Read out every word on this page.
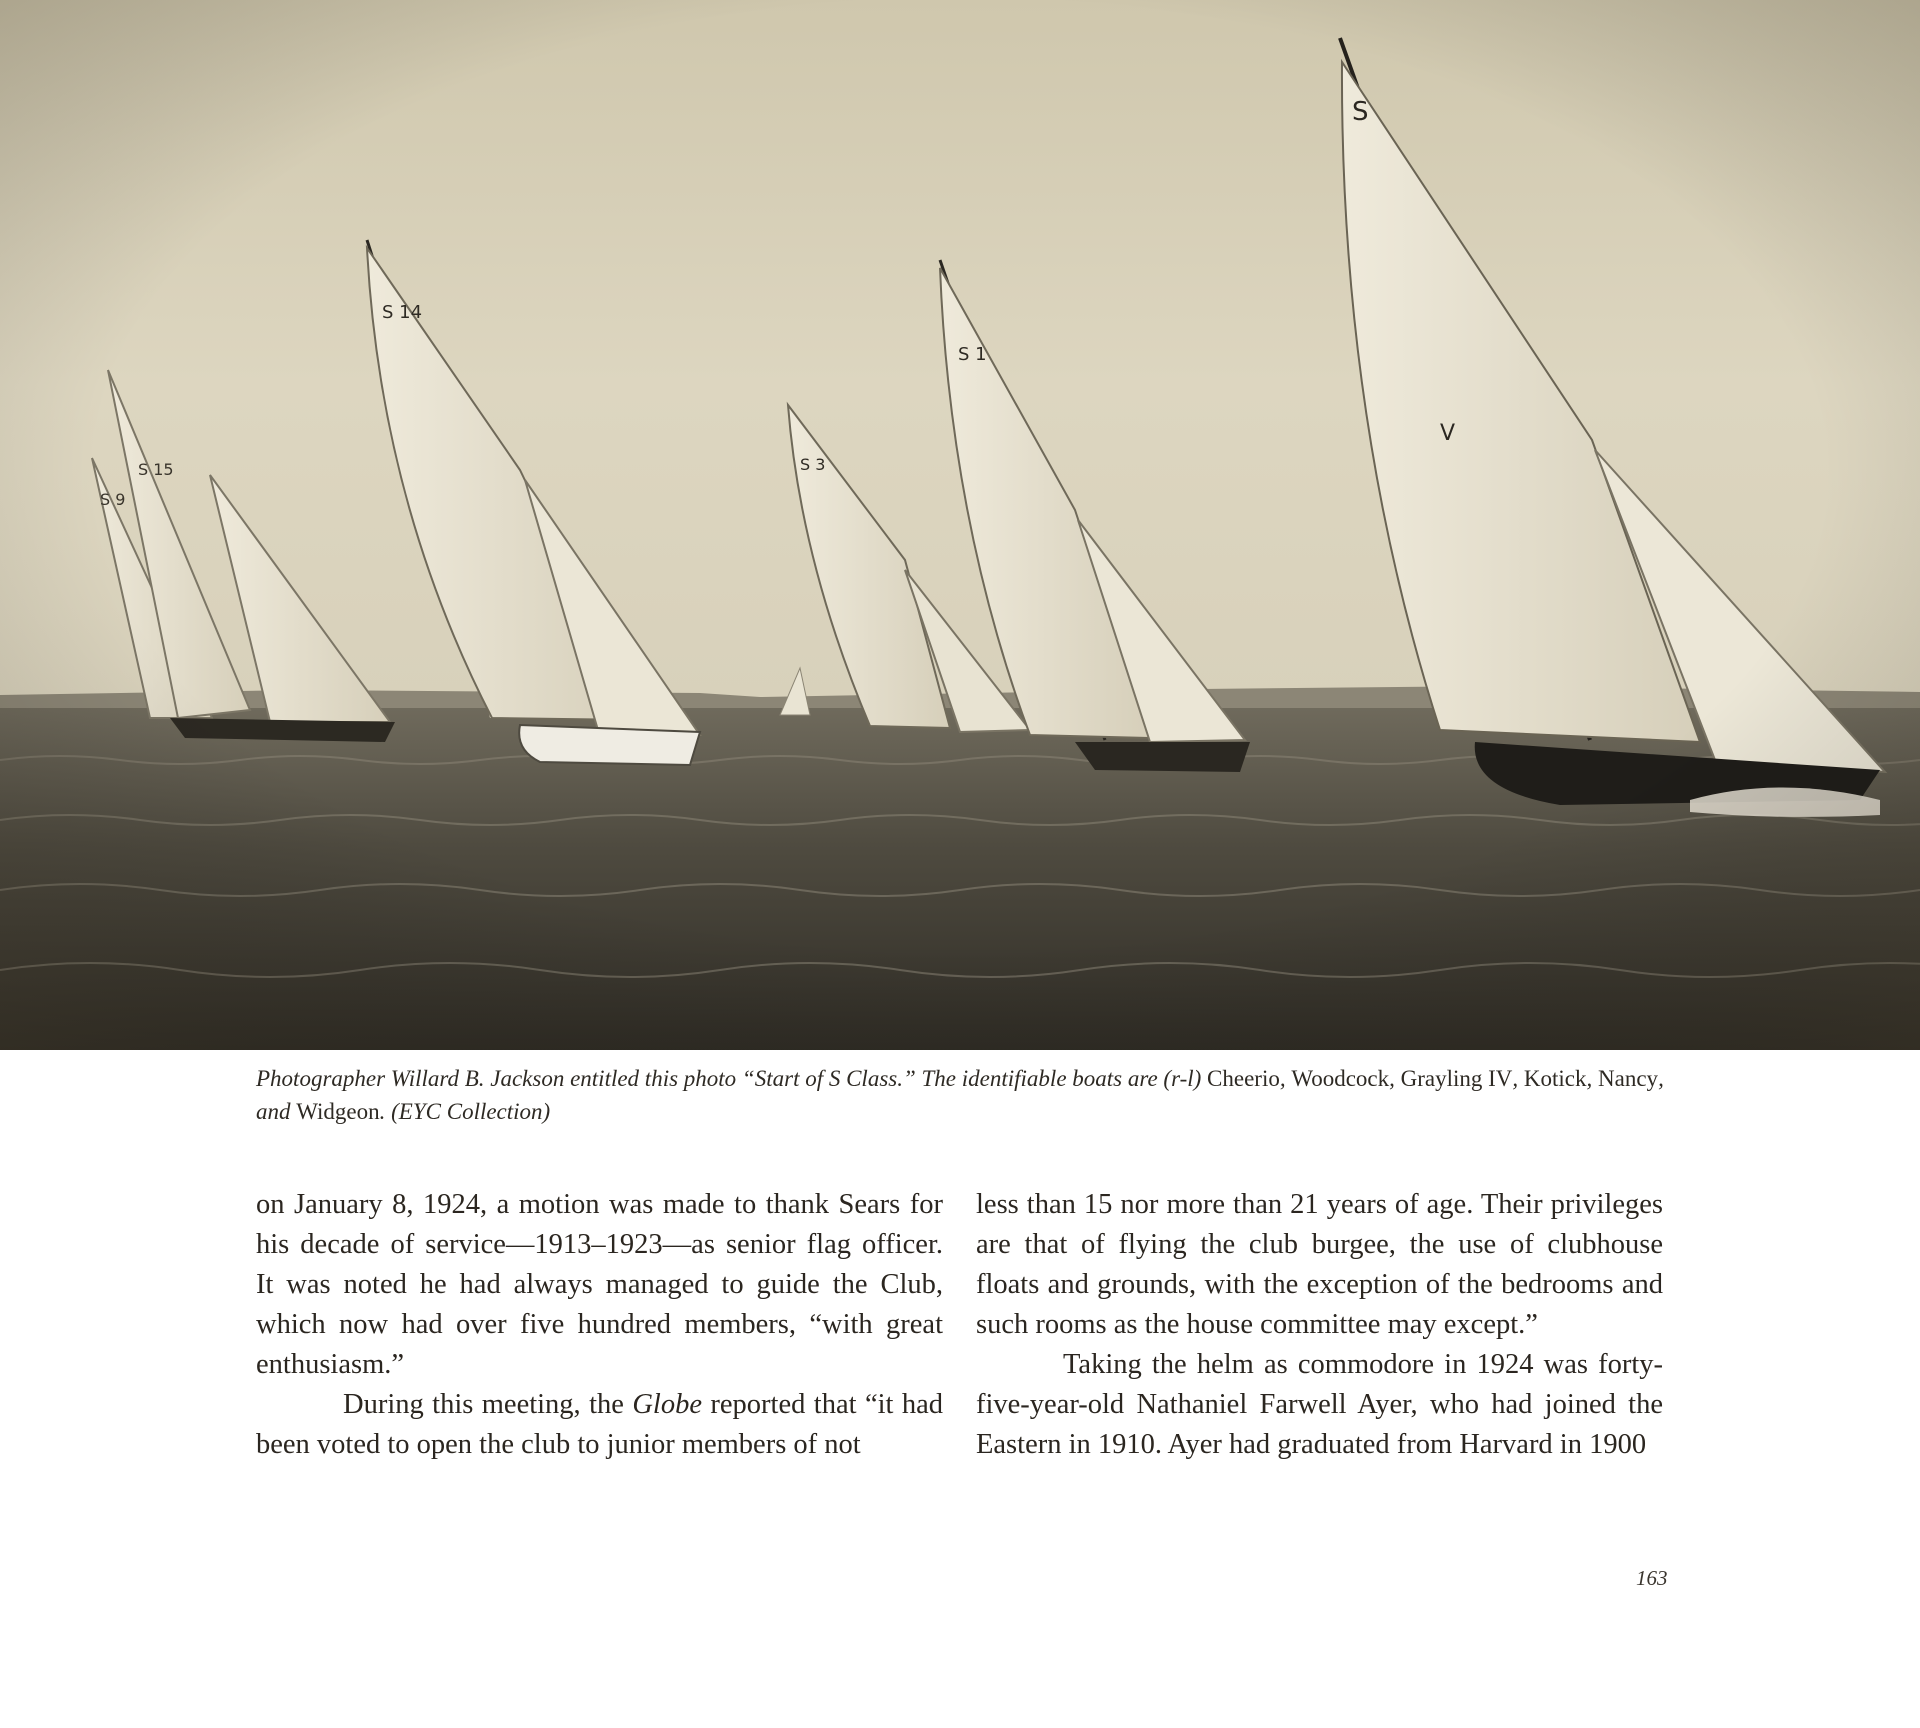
Photographer Willard B. Jackson entitled this photo “Start of S Class.” The identifiable boats are (r-l) Cheerio, Woodcock, Grayling IV, Kotick, Nancy, and Widgeon. (EYC Collection)

on January 8, 1924, a motion was made to thank Sears for his decade of service—1913–1923—as senior flag officer. It was noted he had always managed to guide the Club, which now had over five hundred members, “with great enthusiasm.”

During this meeting, the Globe reported that “it had been voted to open the club to junior members of not

less than 15 nor more than 21 years of age. Their privileges are that of flying the club burgee, the use of clubhouse floats and grounds, with the exception of the bedrooms and such rooms as the house committee may except.”

Taking the helm as commodore in 1924 was forty-five-year-old Nathaniel Farwell Ayer, who had joined the Eastern in 1910. Ayer had graduated from Harvard in 1900

163
